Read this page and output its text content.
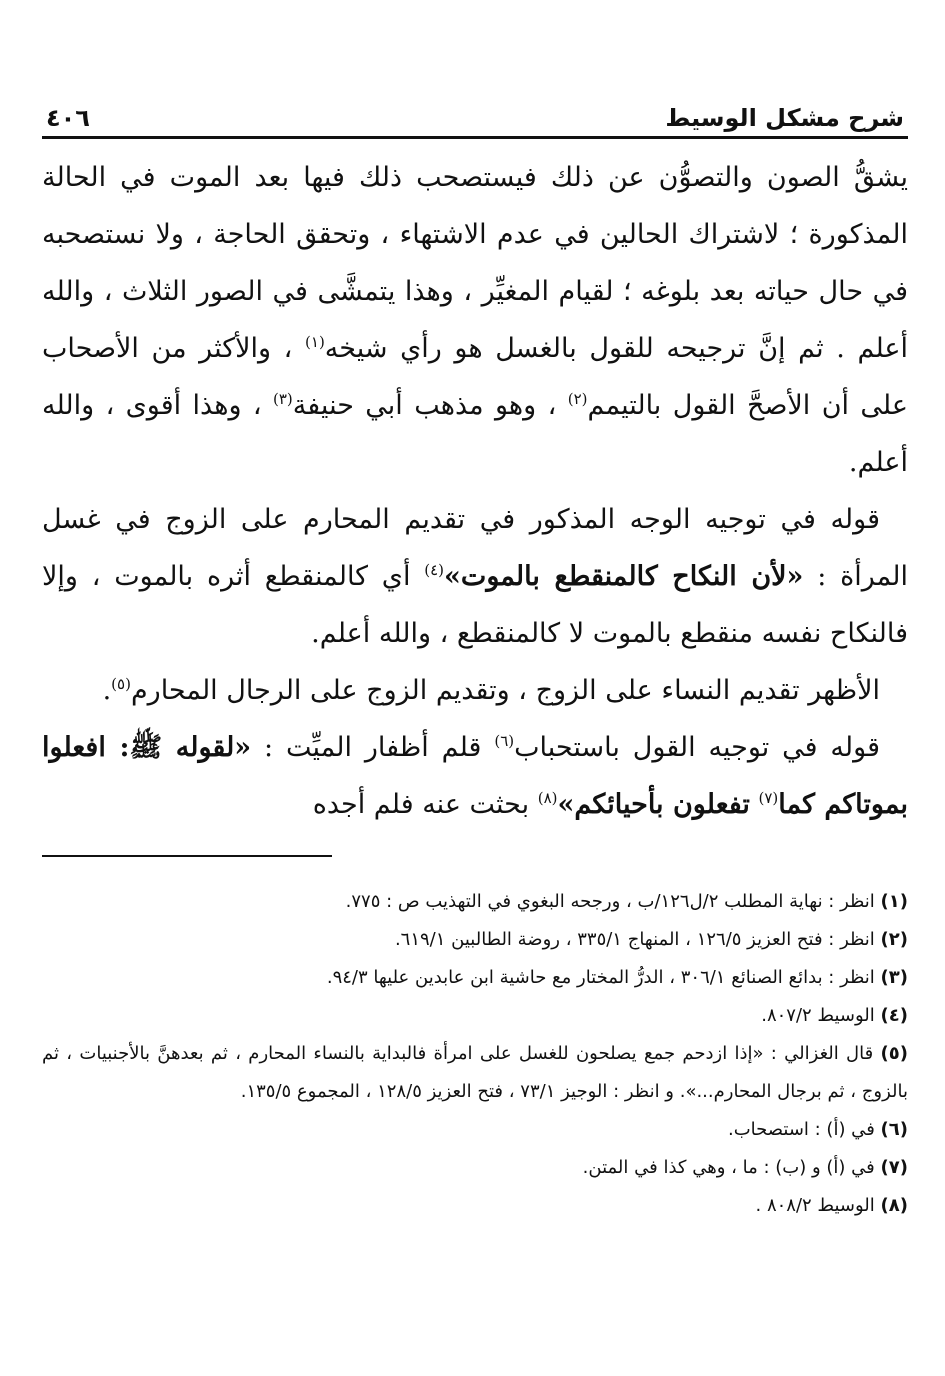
شرح مشكل الوسيط
٤٠٦

يشقُّ الصون والتصوُّن عن ذلك فيستصحب ذلك فيها بعد الموت في الحالة المذكورة ؛ لاشتراك الحالين في عدم الاشتهاء ، وتحقق الحاجة ، ولا نستصحبه في حال حياته بعد بلوغه ؛ لقيام المغيِّر ، وهذا يتمشَّى في الصور الثلاث ، والله أعلم . ثم إنَّ ترجيحه للقول بالغسل هو رأي شيخه$^{(١)}$ ، والأكثر من الأصحاب على أن الأصحَّ القول بالتيمم$^{(٢)}$ ، وهو مذهب أبي حنيفة$^{(٣)}$ ، وهذا أقوى ، والله أعلم.

قوله في توجيه الوجه المذكور في تقديم المحارم على الزوج في غسل المرأة : «لأن النكاح كالمنقطع بالموت»$^{(٤)}$ أي كالمنقطع أثره بالموت ، وإلا فالنكاح نفسه منقطع بالموت لا كالمنقطع ، والله أعلم.

الأظهر تقديم النساء على الزوج ، وتقديم الزوج على الرجال المحارم$^{(٥)}$.

قوله في توجيه القول باستحباب$^{(٦)}$ قلم أظفار الميِّت : «لقوله ﷺ: افعلوا بموتاكم كما$^{(٧)}$ تفعلون بأحيائكم»$^{(٨)}$ بحثت عنه فلم أجده

(١) انظر : نهاية المطلب ٢/ل١٢٦/ب ، ورجحه البغوي في التهذيب ص : ٧٧٥.

(٢) انظر : فتح العزيز ١٢٦/٥ ، المنهاج ٣٣٥/١ ، روضة الطالبين ٦١٩/١.

(٣) انظر : بدائع الصنائع ٣٠٦/١ ، الدرُّ المختار مع حاشية ابن عابدين عليها ٩٤/٣.

(٤) الوسيط ٨٠٧/٢.

(٥) قال الغزالي : «إذا ازدحم جمع يصلحون للغسل على امرأة فالبداية بالنساء المحارم ، ثم بعدهنَّ بالأجنبيات ، ثم بالزوج ، ثم برجال المحارم...». و انظر : الوجيز ٧٣/١ ، فتح العزيز ١٢٨/٥ ، المجموع ١٣٥/٥.

(٦) في (أ) : استصحاب.

(٧) في (أ) و (ب) : ما ، وهي كذا في المتن.

(٨) الوسيط ٨٠٨/٢ .
